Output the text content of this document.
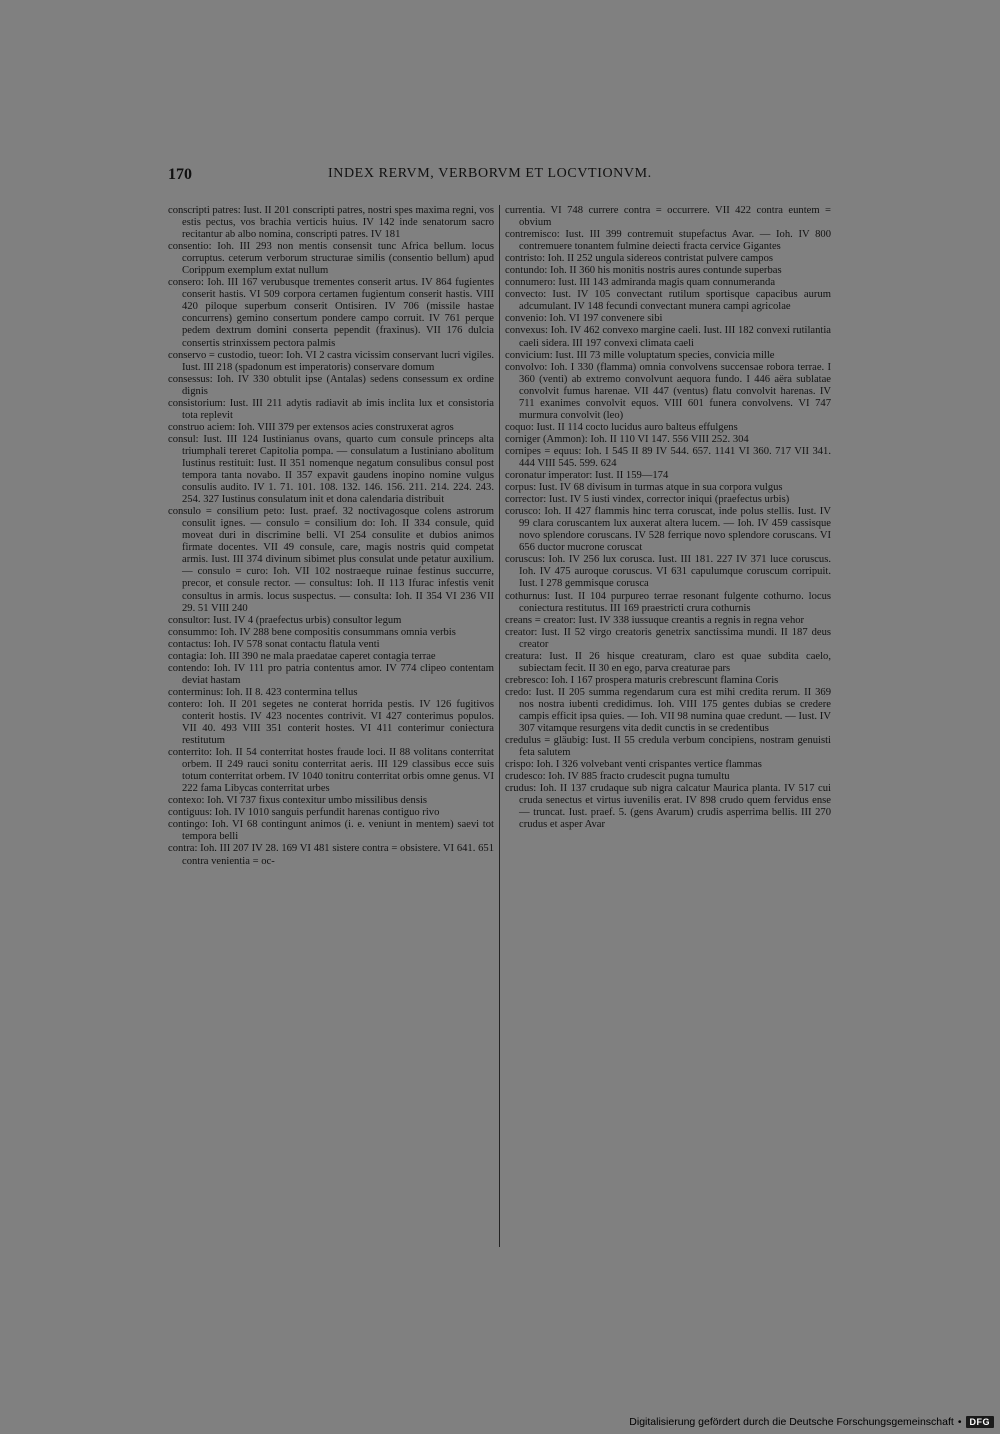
170	INDEX RERVM, VERBORVM ET LOCVTIONVM.

conscripti patres: Iust. II 201 conscripti patres, nostri spes maxima regni, vos estis pectus, vos brachia verticis huius. IV 142 inde senatorum sacro recitantur ab albo nomina, conscripti patres. IV 181

consentio: Ioh. III 293 non mentis consensit tunc Africa bellum. locus corruptus. ceterum verborum structurae similis (consentio bellum) apud Corippum exemplum extat nullum

consero: Ioh. III 167 verubusque trementes conserit artus. IV 864 fugientes conserit hastis. VI 509 corpora certamen fugientum conserit hastis. VIII 420 piloque superbum conserit Ontisiren. IV 706 (missile hastae concurrens) gemino consertum pondere campo corruit. IV 761 perque pedem dextrum domini conserta pependit (fraxinus). VII 176 dulcia consertis strinxissem pectora palmis

conservo = custodio, tueor: Ioh. VI 2 castra vicissim conservant lucri vigiles. Iust. III 218 (spadonum est imperatoris) conservare domum

consessus: Ioh. IV 330 obtulit ipse (Antalas) sedens consessum ex ordine dignis

consistorium: Iust. III 211 adytis radiavit ab imis inclita lux et consistoria tota replevit

construo aciem: Ioh. VIII 379 per extensos acies construxerat agros

consul: Iust. III 124 Iustinianus ovans, quarto cum consule princeps alta triumphali tereret Capitolia pompa. — consulatum a Iustiniano abolitum Iustinus restituit: Iust. II 351 nomenque negatum consulibus consul post tempora tanta novabo. II 357 expavit gaudens inopino nomine vulgus consulis audito. IV 1. 71. 101. 108. 132. 146. 156. 211. 214. 224. 243. 254. 327 Iustinus consulatum init et dona calendaria distribuit

consulo = consilium peto: Iust. praef. 32 noctivagosque colens astrorum consulit ignes. — consulo = consilium do: Ioh. II 334 consule, quid moveat duri in discrimine belli. VI 254 consulite et dubios animos firmate docentes. VII 49 consule, care, magis nostris quid competat armis. Iust. III 374 divinum sibimet plus consulat unde petatur auxilium. — consulo = curo: Ioh. VII 102 nostraeque ruinae festinus succurre, precor, et consule rector. — consultus: Ioh. II 113 Ifurac infestis venit consultus in armis. locus suspectus. — consulta: Ioh. II 354 VI 236 VII 29. 51 VIII 240

consultor: Iust. IV 4 (praefectus urbis) consultor legum

consummo: Ioh. IV 288 bene compositis consummans omnia verbis

contactus: Ioh. IV 578 sonat contactu flatula venti

contagia: Ioh. III 390 ne mala praedatae caperet contagia terrae

contendo: Ioh. IV 111 pro patria contentus amor. IV 774 clipeo contentam deviat hastam

conterminus: Ioh. II 8. 423 contermina tellus

contero: Ioh. II 201 segetes ne conterat horrida pestis. IV 126 fugitivos conterit hostis. IV 423 nocentes contrivit. VI 427 conterimus populos. VII 40. 493 VIII 351 conterit hostes. VI 411 conterimur coniectura restitutum

conterrito: Ioh. II 54 conterritat hostes fraude loci. II 88 volitans conterritat orbem. II 249 rauci sonitu conterritat aeris. III 129 classibus ecce suis totum conterritat orbem. IV 1040 tonitru conterritat orbis omne genus. VI 222 fama Libycas conterritat urbes

contexo: Ioh. VI 737 fixus contexitur umbo missilibus densis

contiguus: Ioh. IV 1010 sanguis perfundit harenas contiguo rivo

contingo: Ioh. VI 68 contingunt animos (i. e. veniunt in mentem) saevi tot tempora belli

contra: Ioh. III 207 IV 28. 169 VI 481 sistere contra = obsistere. VI 641. 651 contra venientia = oc-

currentia. VI 748 currere contra = occurrere. VII 422 contra euntem = obvium

contremisco: Iust. III 399 contremuit stupefactus Avar. — Ioh. IV 800 contremuere tonantem fulmine deiecti fracta cervice Gigantes

contristo: Ioh. II 252 ungula sidereos contristat pulvere campos

contundo: Ioh. II 360 his monitis nostris aures contunde superbas

connumero: Iust. III 143 admiranda magis quam connumeranda

convecto: Iust. IV 105 convectant rutilum sportisque capacibus aurum adcumulant. IV 148 fecundi convectant munera campi agricolae

convenio: Ioh. VI 197 convenere sibi

convexus: Ioh. IV 462 convexo margine caeli. Iust. III 182 convexi rutilantia caeli sidera. III 197 convexi climata caeli

convicium: Iust. III 73 mille voluptatum species, convicia mille

convolvo: Ioh. I 330 (flamma) omnia convolvens succensae robora terrae. I 360 (venti) ab extremo convolvunt aequora fundo. I 446 aëra sublatae convolvit fumus harenae. VII 447 (ventus) flatu convolvit harenas. IV 711 exanimes convolvit equos. VIII 601 funera convolvens. VI 747 murmura convolvit (leo)

coquo: Iust. II 114 cocto lucidus auro balteus effulgens

corniger (Ammon): Ioh. II 110 VI 147. 556 VIII 252. 304

cornipes = equus: Ioh. I 545 II 89 IV 544. 657. 1141 VI 360. 717 VII 341. 444 VIII 545. 599. 624

coronatur imperator: Iust. II 159—174

corpus: Iust. IV 68 divisum in turmas atque in sua corpora vulgus

corrector: Iust. IV 5 iusti vindex, corrector iniqui (praefectus urbis)

corusco: Ioh. II 427 flammis hinc terra coruscat, inde polus stellis. Iust. IV 99 clara coruscantem lux auxerat altera lucem. — Ioh. IV 459 cassisque novo splendore coruscans. IV 528 ferrique novo splendore coruscans. VI 656 ductor mucrone coruscat

coruscus: Ioh. IV 256 lux corusca. Iust. III 181. 227 IV 371 luce coruscus. Ioh. IV 475 auroque coruscus. VI 631 capulumque coruscum corripuit. Iust. I 278 gemmisque corusca

cothurnus: Iust. II 104 purpureo terrae resonant fulgente cothurno. locus coniectura restitutus. III 169 praestricti crura cothurnis

creans = creator: Iust. IV 338 iussuque creantis a regnis in regna vehor

creator: Iust. II 52 virgo creatoris genetrix sanctissima mundi. II 187 deus creator

creatura: Iust. II 26 hisque creaturam, claro est quae subdita caelo, subiectam fecit. II 30 en ego, parva creaturae pars

crebresco: Ioh. I 167 prospera maturis crebrescunt flamina Coris

credo: Iust. II 205 summa regendarum cura est mihi credita rerum. II 369 nos nostra iubenti credidimus. Ioh. VIII 175 gentes dubias se credere campis efficit ipsa quies. — Ioh. VII 98 numina quae credunt. — Iust. IV 307 vitamque resurgens vita dedit cunctis in se credentibus

credulus = gläubig: Iust. II 55 credula verbum concipiens, nostram genuisti feta salutem

crispo: Ioh. I 326 volvebant venti crispantes vertice flammas

crudesco: Ioh. IV 885 fracto crudescit pugna tumultu

crudus: Ioh. II 137 crudaque sub nigra calcatur Maurica planta. IV 517 cui cruda senectus et virtus iuvenilis erat. IV 898 crudo quem fervidus ense — truncat. Iust. praef. 5. (gens Avarum) crudis asperrima bellis. III 270 crudus et asper Avar

Digitalisierung gefördert durch die Deutsche Forschungsgemeinschaft • DFG
